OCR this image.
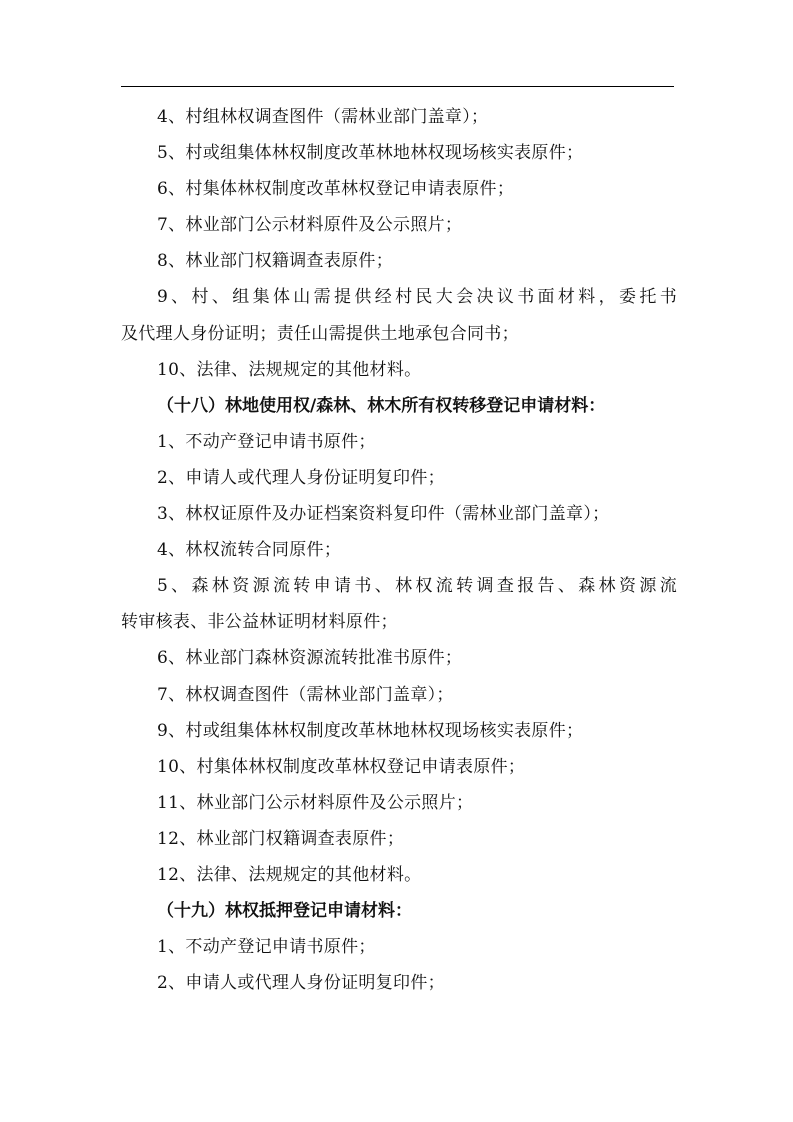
4、村组林权调查图件（需林业部门盖章）；
5、村或组集体林权制度改革林地林权现场核实表原件；
6、村集体林权制度改革林权登记申请表原件；
7、林业部门公示材料原件及公示照片；
8、林业部门权籍调查表原件；
9、村、组集体山需提供经村民大会决议书面材料，委托书
及代理人身份证明；责任山需提供土地承包合同书；
10、法律、法规规定的其他材料。
（十八）林地使用权/森林、林木所有权转移登记申请材料：
1、不动产登记申请书原件；
2、申请人或代理人身份证明复印件；
3、林权证原件及办证档案资料复印件（需林业部门盖章）；
4、林权流转合同原件；
5、森林资源流转申请书、林权流转调查报告、森林资源流
转审核表、非公益林证明材料原件；
6、林业部门森林资源流转批准书原件；
7、林权调查图件（需林业部门盖章）；
9、村或组集体林权制度改革林地林权现场核实表原件；
10、村集体林权制度改革林权登记申请表原件；
11、林业部门公示材料原件及公示照片；
12、林业部门权籍调查表原件；
12、法律、法规规定的其他材料。
（十九）林权抵押登记申请材料：
1、不动产登记申请书原件；
2、申请人或代理人身份证明复印件；
